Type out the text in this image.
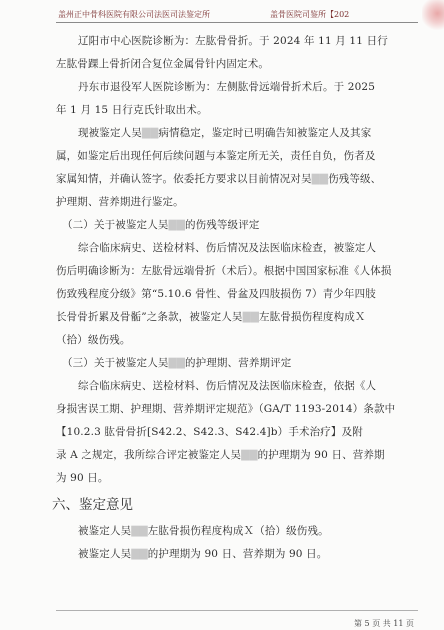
盖州正中骨科医院有限公司法医司法鉴定所	盖骨医院司鉴所【202

辽阳市中心医院诊断为：左肱骨骨折。于 2024 年 11 月 11 日行

左肱骨踝上骨折闭合复位金属骨针内固定术。

丹东市退役军人医院诊断为：左侧肱骨远端骨折术后。于 2025

年 1 月 15 日行克氏针取出术。

现被鉴定人吴▇▇病情稳定，鉴定时已明确告知被鉴定人及其家

属，如鉴定后出现任何后续问题与本鉴定所无关，责任自负，伤者及

家属知情，并确认签字。依委托方要求以目前情况对吴▇▇伤残等级、

护理期、营养期进行鉴定。

（二）关于被鉴定人吴▇▇的伤残等级评定

综合临床病史、送检材料、伤后情况及法医临床检查，被鉴定人

伤后明确诊断为：左肱骨远端骨折（术后）。根据中国国家标准《人体损

伤致残程度分级》第“5.10.6 骨性、骨盆及四肢损伤 7）青少年四肢

长骨骨折累及骨骺”之条款，被鉴定人吴▇▇左肱骨损伤程度构成Ｘ

（拾）级伤残。

（三）关于被鉴定人吴▇▇的护理期、营养期评定

综合临床病史、送检材料、伤后情况及法医临床检查，依据《人

身损害误工期、护理期、营养期评定规范》（GA/T 1193-2014）条款中

【10.2.3 肱骨骨折[S42.2、S42.3、S42.4]b）手术治疗】及附

录 A 之规定，我所综合评定被鉴定人吴▇▇的护理期为 90 日、营养期

为 90 日。

六、鉴定意见

被鉴定人吴▇▇左肱骨损伤程度构成Ｘ（拾）级伤残。

被鉴定人吴▇▇的护理期为 90 日、营养期为 90 日。

第 5 页 共 11 页
